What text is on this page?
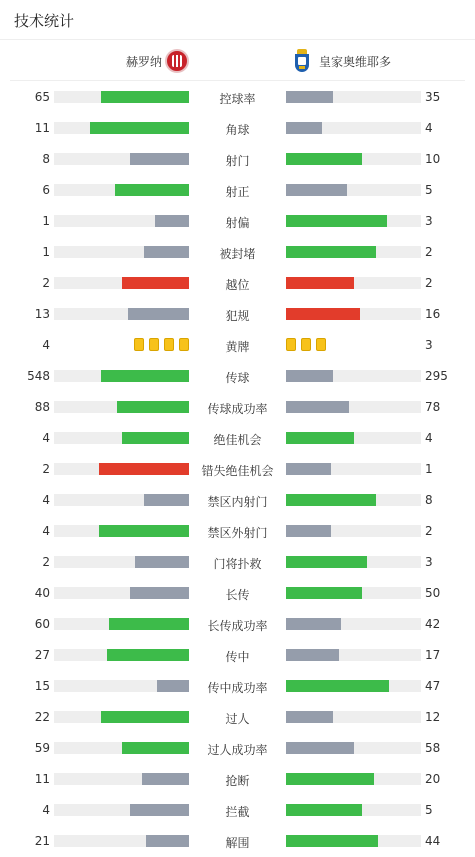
技术统计
赫罗纳	皇家奥维耶多
65	控球率	35
11	角球	4
8	射门	10
6	射正	5
1	射偏	3
1	被封堵	2
2	越位	2
13	犯规	16
4	黄牌	3
548	传球	295
88	传球成功率	78
4	绝佳机会	4
2	错失绝佳机会	1
4	禁区内射门	8
4	禁区外射门	2
2	门将扑救	3
40	长传	50
60	长传成功率	42
27	传中	17
15	传中成功率	47
22	过人	12
59	过人成功率	58
11	抢断	20
4	拦截	5
21	解围	44
